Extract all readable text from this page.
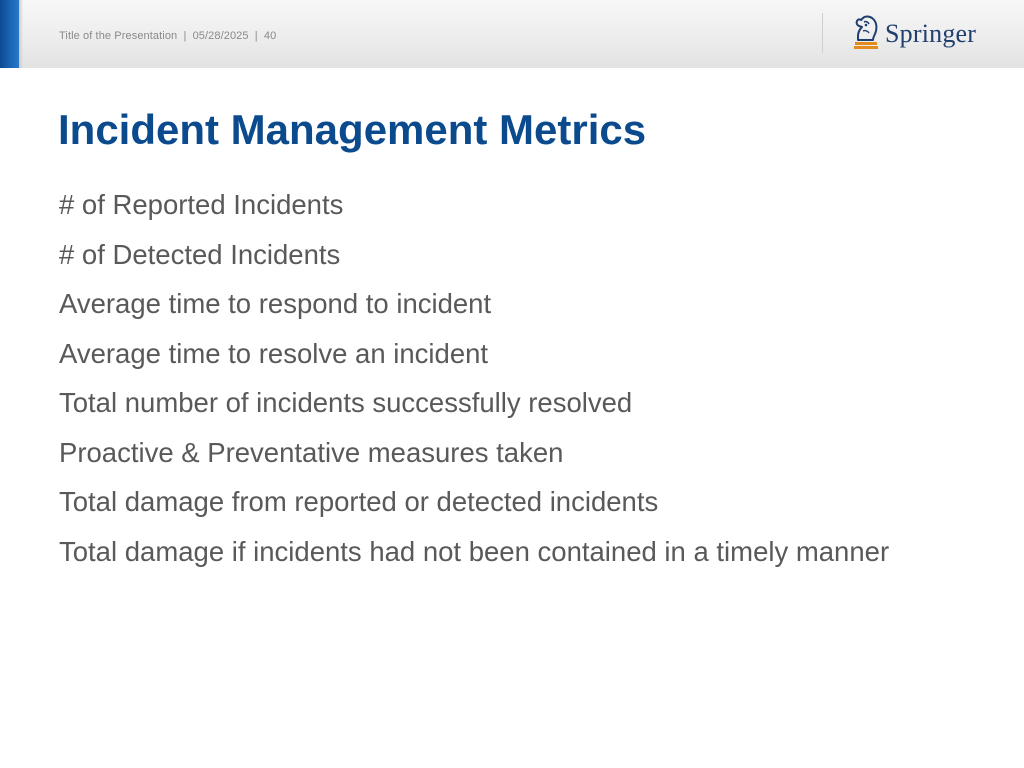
Title of the Presentation | 05/28/2025 | 40	Springer
Incident Management Metrics
# of Reported Incidents
# of Detected Incidents
Average time to respond to incident
Average time to resolve an incident
Total number of incidents successfully resolved
Proactive & Preventative measures taken
Total damage from reported or detected incidents
Total damage if incidents had not been contained in a timely manner
